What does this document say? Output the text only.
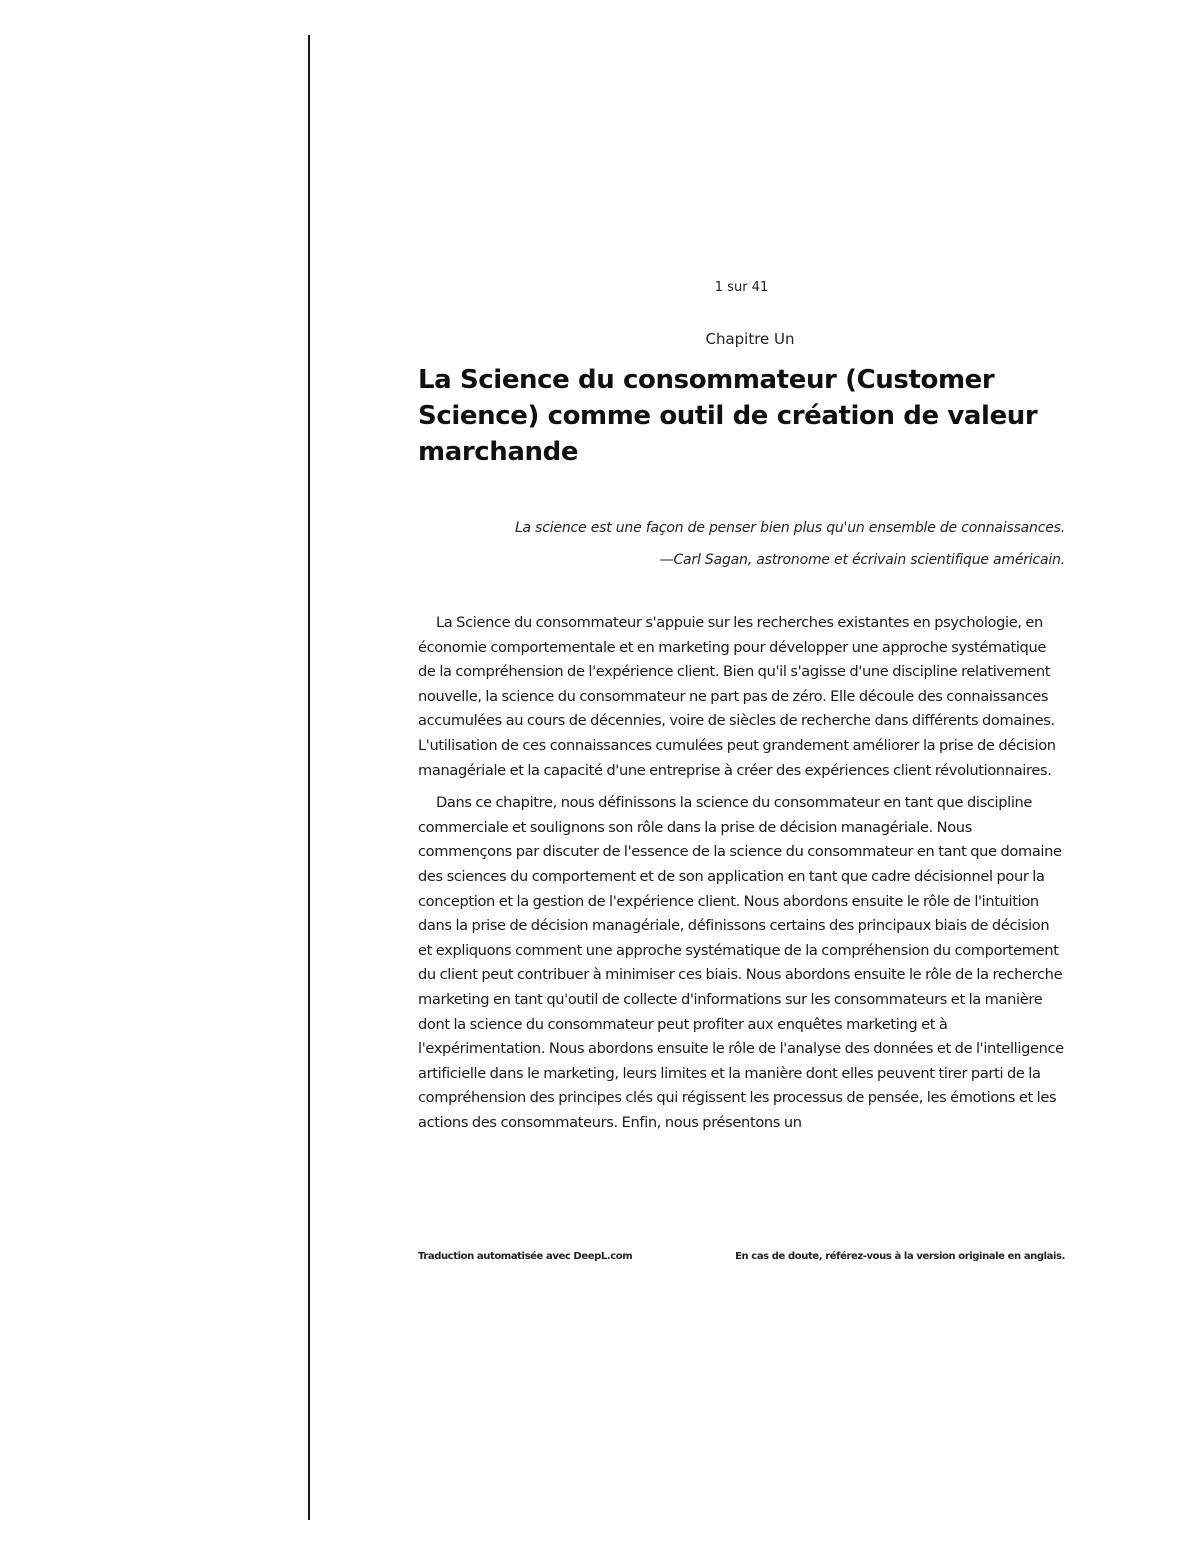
1 sur 41
Chapitre Un
La Science du consommateur (Customer Science) comme outil de création de valeur marchande
La science est une façon de penser bien plus qu'un ensemble de connaissances.
—Carl Sagan, astronome et écrivain scientifique américain.

La Science du consommateur s'appuie sur les recherches existantes en psychologie, en économie comportementale et en marketing pour développer une approche systématique de la compréhension de l'expérience client. Bien qu'il s'agisse d'une discipline relativement nouvelle, la science du consommateur ne part pas de zéro. Elle découle des connaissances accumulées au cours de décennies, voire de siècles de recherche dans différents domaines. L'utilisation de ces connaissances cumulées peut grandement améliorer la prise de décision managériale et la capacité d'une entreprise à créer des expériences client révolutionnaires.

Dans ce chapitre, nous définissons la science du consommateur en tant que discipline commerciale et soulignons son rôle dans la prise de décision managériale. Nous commençons par discuter de l'essence de la science du consommateur en tant que domaine des sciences du comportement et de son application en tant que cadre décisionnel pour la conception et la gestion de l'expérience client. Nous abordons ensuite le rôle de l'intuition dans la prise de décision managériale, définissons certains des principaux biais de décision et expliquons comment une approche systématique de la compréhension du comportement du client peut contribuer à minimiser ces biais. Nous abordons ensuite le rôle de la recherche marketing en tant qu'outil de collecte d'informations sur les consommateurs et la manière dont la science du consommateur peut profiter aux enquêtes marketing et à l'expérimentation. Nous abordons ensuite le rôle de l'analyse des données et de l'intelligence artificielle dans le marketing, leurs limites et la manière dont elles peuvent tirer parti de la compréhension des principes clés qui régissent les processus de pensée, les émotions et les actions des consommateurs. Enfin, nous présentons un

Traduction automatisée avec DeepL.com	En cas de doute, référez-vous à la version originale en anglais.
